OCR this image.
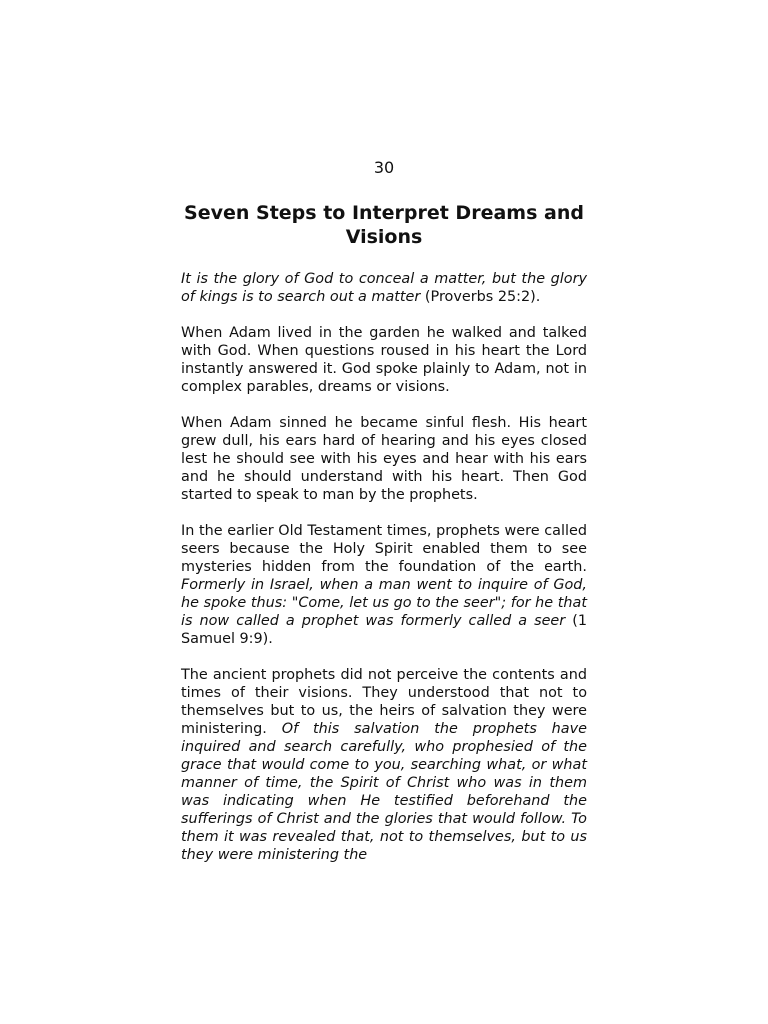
30
Seven Steps to Interpret Dreams and Visions

It is the glory of God to conceal a matter, but the glory of kings is to search out a matter (Proverbs 25:2).

When Adam lived in the garden he walked and talked with God. When questions roused in his heart the Lord instantly answered it. God spoke plainly to Adam, not in complex parables, dreams or visions.

When Adam sinned he became sinful flesh. His heart grew dull, his ears hard of hearing and his eyes closed lest he should see with his eyes and hear with his ears and he should understand with his heart. Then God started to speak to man by the prophets.

In the earlier Old Testament times, prophets were called seers because the Holy Spirit enabled them to see mysteries hidden from the foundation of the earth. Formerly in Israel, when a man went to inquire of God, he spoke thus: "Come, let us go to the seer"; for he that is now called a prophet was formerly called a seer (1 Samuel 9:9).

The ancient prophets did not perceive the contents and times of their visions. They understood that not to themselves but to us, the heirs of salvation they were ministering. Of this salvation the prophets have inquired and search carefully, who prophesied of the grace that would come to you, searching what, or what manner of time, the Spirit of Christ who was in them was indicating when He testified beforehand the sufferings of Christ and the glories that would follow. To them it was revealed that, not to themselves, but to us they were ministering the
